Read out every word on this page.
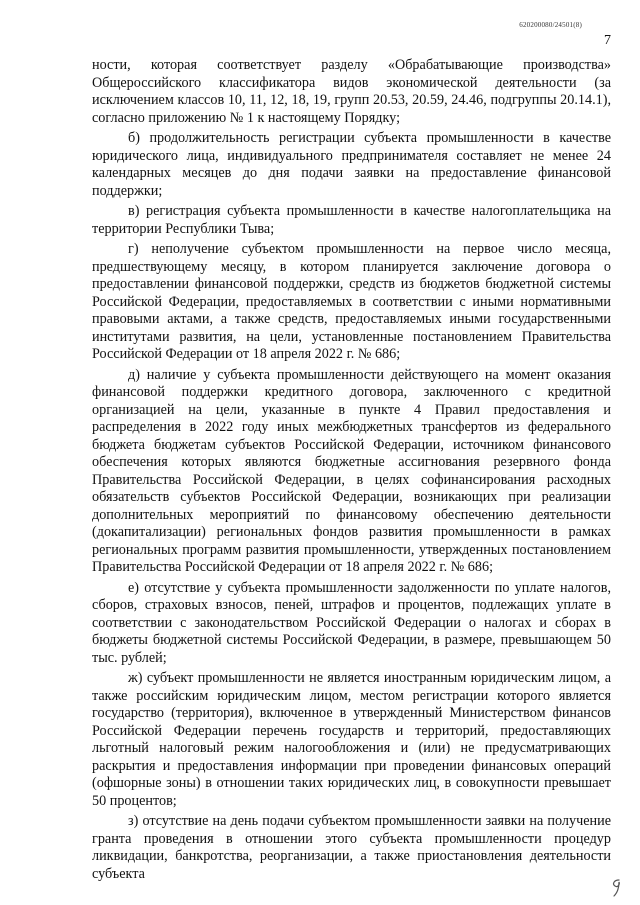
620200080/24501(8)
7

ности, которая соответствует разделу «Обрабатывающие производства» Общероссийского классификатора видов экономической деятельности (за исключением классов 10, 11, 12, 18, 19, групп 20.53, 20.59, 24.46, подгруппы 20.14.1), согласно приложению № 1 к настоящему Порядку;

б) продолжительность регистрации субъекта промышленности в качестве юридического лица, индивидуального предпринимателя составляет не менее 24 календарных месяцев до дня подачи заявки на предоставление финансовой поддержки;

в) регистрация субъекта промышленности в качестве налогоплательщика на территории Республики Тыва;

г) неполучение субъектом промышленности на первое число месяца, предшествующему месяцу, в котором планируется заключение договора о предоставлении финансовой поддержки, средств из бюджетов бюджетной системы Российской Федерации, предоставляемых в соответствии с иными нормативными правовыми актами, а также средств, предоставляемых иными государственными институтами развития, на цели, установленные постановлением Правительства Российской Федерации от 18 апреля 2022 г. № 686;

д) наличие у субъекта промышленности действующего на момент оказания финансовой поддержки кредитного договора, заключенного с кредитной организацией на цели, указанные в пункте 4 Правил предоставления и распределения в 2022 году иных межбюджетных трансфертов из федерального бюджета бюджетам субъектов Российской Федерации, источником финансового обеспечения которых являются бюджетные ассигнования резервного фонда Правительства Российской Федерации, в целях софинансирования расходных обязательств субъектов Российской Федерации, возникающих при реализации дополнительных мероприятий по финансовому обеспечению деятельности (докапитализации) региональных фондов развития промышленности в рамках региональных программ развития промышленности, утвержденных постановлением Правительства Российской Федерации от 18 апреля 2022 г. № 686;

е) отсутствие у субъекта промышленности задолженности по уплате налогов, сборов, страховых взносов, пеней, штрафов и процентов, подлежащих уплате в соответствии с законодательством Российской Федерации о налогах и сборах в бюджеты бюджетной системы Российской Федерации, в размере, превышающем 50 тыс. рублей;

ж) субъект промышленности не является иностранным юридическим лицом, а также российским юридическим лицом, местом регистрации которого является государство (территория), включенное в утвержденный Министерством финансов Российской Федерации перечень государств и территорий, предоставляющих льготный налоговый режим налогообложения и (или) не предусматривающих раскрытия и предоставления информации при проведении финансовых операций (офшорные зоны) в отношении таких юридических лиц, в совокупности превышает 50 процентов;

з) отсутствие на день подачи субъектом промышленности заявки на получение гранта проведения в отношении этого субъекта промышленности процедур ликвидации, банкротства, реорганизации, а также приостановления деятельности субъекта
